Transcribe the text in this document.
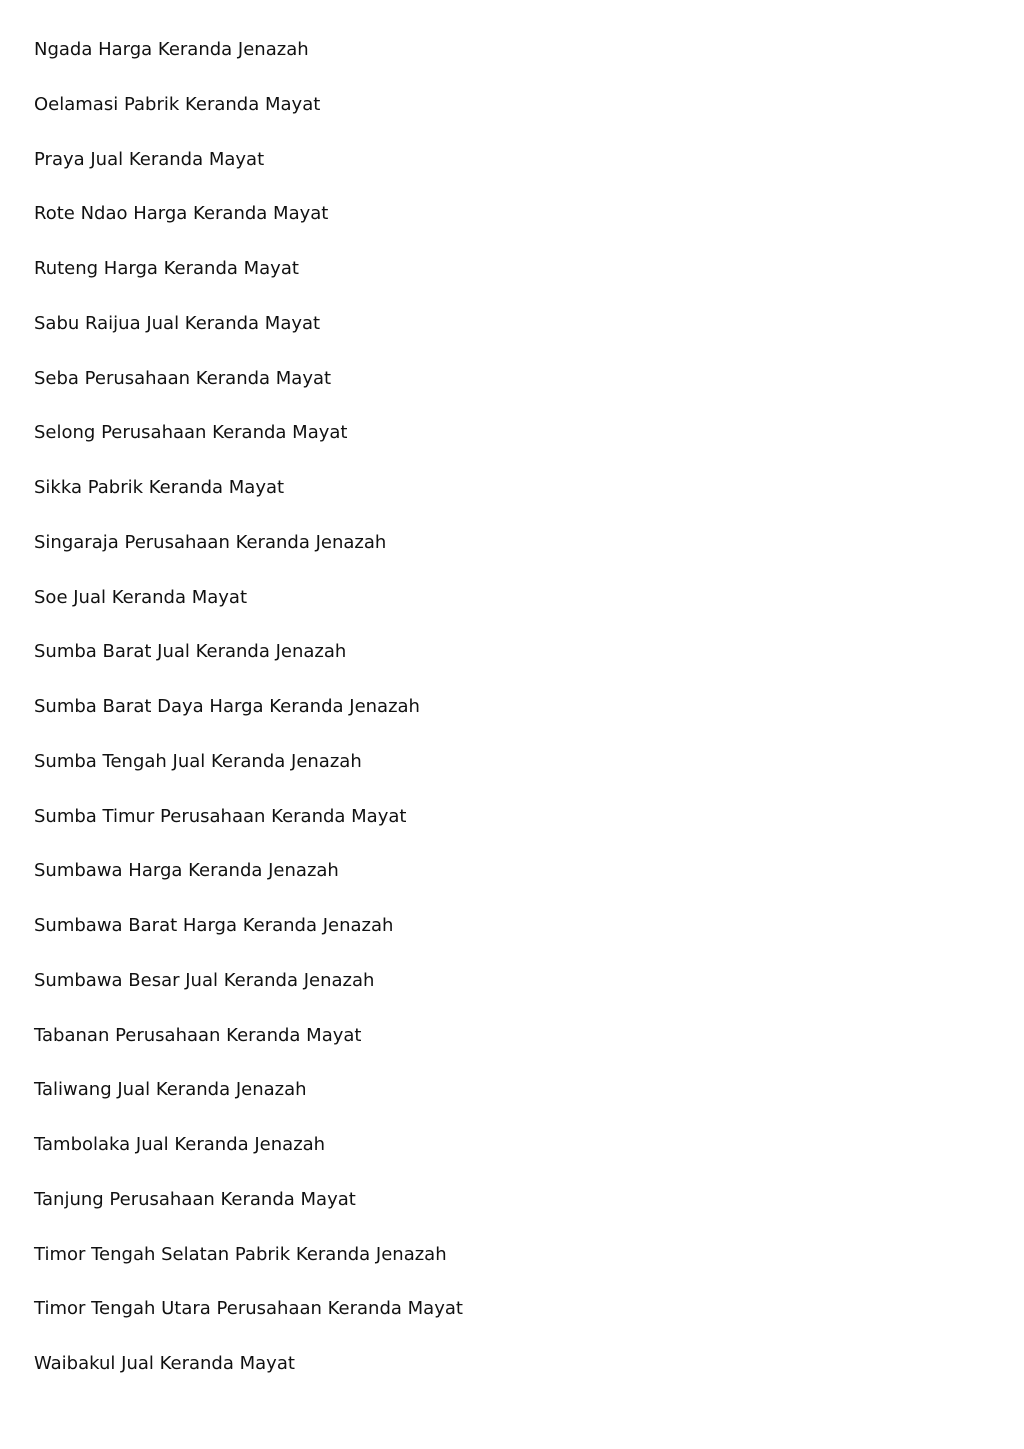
Ngada Harga Keranda Jenazah
Oelamasi Pabrik Keranda Mayat
Praya Jual Keranda Mayat
Rote Ndao Harga Keranda Mayat
Ruteng Harga Keranda Mayat
Sabu Raijua Jual Keranda Mayat
Seba Perusahaan Keranda Mayat
Selong Perusahaan Keranda Mayat
Sikka Pabrik Keranda Mayat
Singaraja Perusahaan Keranda Jenazah
Soe Jual Keranda Mayat
Sumba Barat Jual Keranda Jenazah
Sumba Barat Daya Harga Keranda Jenazah
Sumba Tengah Jual Keranda Jenazah
Sumba Timur Perusahaan Keranda Mayat
Sumbawa Harga Keranda Jenazah
Sumbawa Barat Harga Keranda Jenazah
Sumbawa Besar Jual Keranda Jenazah
Tabanan Perusahaan Keranda Mayat
Taliwang Jual Keranda Jenazah
Tambolaka Jual Keranda Jenazah
Tanjung Perusahaan Keranda Mayat
Timor Tengah Selatan Pabrik Keranda Jenazah
Timor Tengah Utara Perusahaan Keranda Mayat
Waibakul Jual Keranda Mayat
